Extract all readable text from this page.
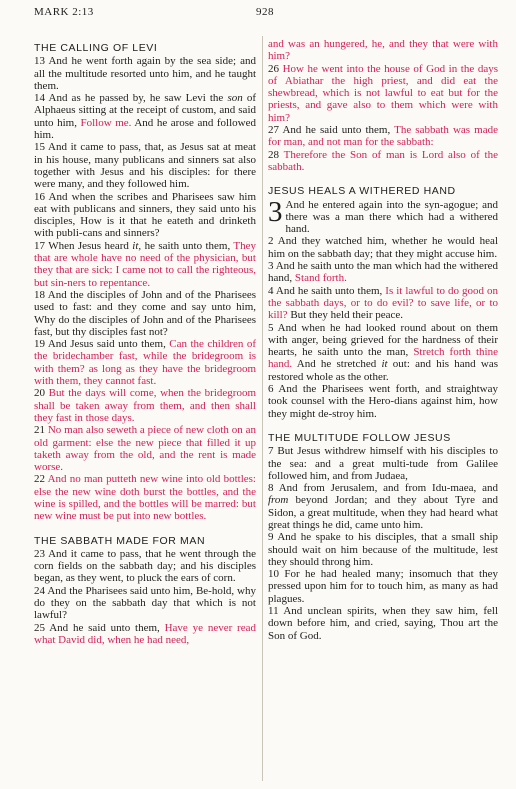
MARK 2:13	928
THE CALLING OF LEVI

13 And he went forth again by the sea side; and all the multitude resorted unto him, and he taught them.

14 And as he passed by, he saw Levi the son of Alphaeus sitting at the receipt of custom, and said unto him, Follow me. And he arose and followed him.

15 And it came to pass, that, as Jesus sat at meat in his house, many publicans and sinners sat also together with Jesus and his disciples: for there were many, and they followed him.

16 And when the scribes and Pharisees saw him eat with publicans and sinners, they said unto his disciples, How is it that he eateth and drinketh with publi-cans and sinners?

17 When Jesus heard it, he saith unto them, They that are whole have no need of the physician, but they that are sick: I came not to call the righteous, but sin-ners to repentance.

18 And the disciples of John and of the Pharisees used to fast: and they come and say unto him, Why do the disciples of John and of the Pharisees fast, but thy disciples fast not?

19 And Jesus said unto them, Can the children of the bridechamber fast, while the bridegroom is with them? as long as they have the bridegroom with them, they cannot fast.

20 But the days will come, when the bridegroom shall be taken away from them, and then shall they fast in those days.

21 No man also seweth a piece of new cloth on an old garment: else the new piece that filled it up taketh away from the old, and the rent is made worse.

22 And no man putteth new wine into old bottles: else the new wine doth burst the bottles, and the wine is spilled, and the bottles will be marred: but new wine must be put into new bottles.

THE SABBATH MADE FOR MAN

23 And it came to pass, that he went through the corn fields on the sabbath day; and his disciples began, as they went, to pluck the ears of corn.

24 And the Pharisees said unto him, Be-hold, why do they on the sabbath day that which is not lawful?

25 And he said unto them, Have ye never read what David did, when he had need,

and was an hungered, he, and they that were with him?

26 How he went into the house of God in the days of Abiathar the high priest, and did eat the shewbread, which is not lawful to eat but for the priests, and gave also to them which were with him?

27 And he said unto them, The sabbath was made for man, and not man for the sabbath:

28 Therefore the Son of man is Lord also of the sabbath.

JESUS HEALS A WITHERED HAND

3 And he entered again into the syn-agogue; and there was a man there which had a withered hand.

2 And they watched him, whether he would heal him on the sabbath day; that they might accuse him.

3 And he saith unto the man which had the withered hand, Stand forth.

4 And he saith unto them, Is it lawful to do good on the sabbath days, or to do evil? to save life, or to kill? But they held their peace.

5 And when he had looked round about on them with anger, being grieved for the hardness of their hearts, he saith unto the man, Stretch forth thine hand. And he stretched it out: and his hand was restored whole as the other.

6 And the Pharisees went forth, and straightway took counsel with the Hero-dians against him, how they might de-stroy him.

THE MULTITUDE FOLLOW JESUS

7 But Jesus withdrew himself with his disciples to the sea: and a great multi-tude from Galilee followed him, and from Judaea,

8 And from Jerusalem, and from Idu-maea, and from beyond Jordan; and they about Tyre and Sidon, a great multitude, when they had heard what great things he did, came unto him.

9 And he spake to his disciples, that a small ship should wait on him because of the multitude, lest they should throng him.

10 For he had healed many; insomuch that they pressed upon him for to touch him, as many as had plagues.

11 And unclean spirits, when they saw him, fell down before him, and cried, saying, Thou art the Son of God.
